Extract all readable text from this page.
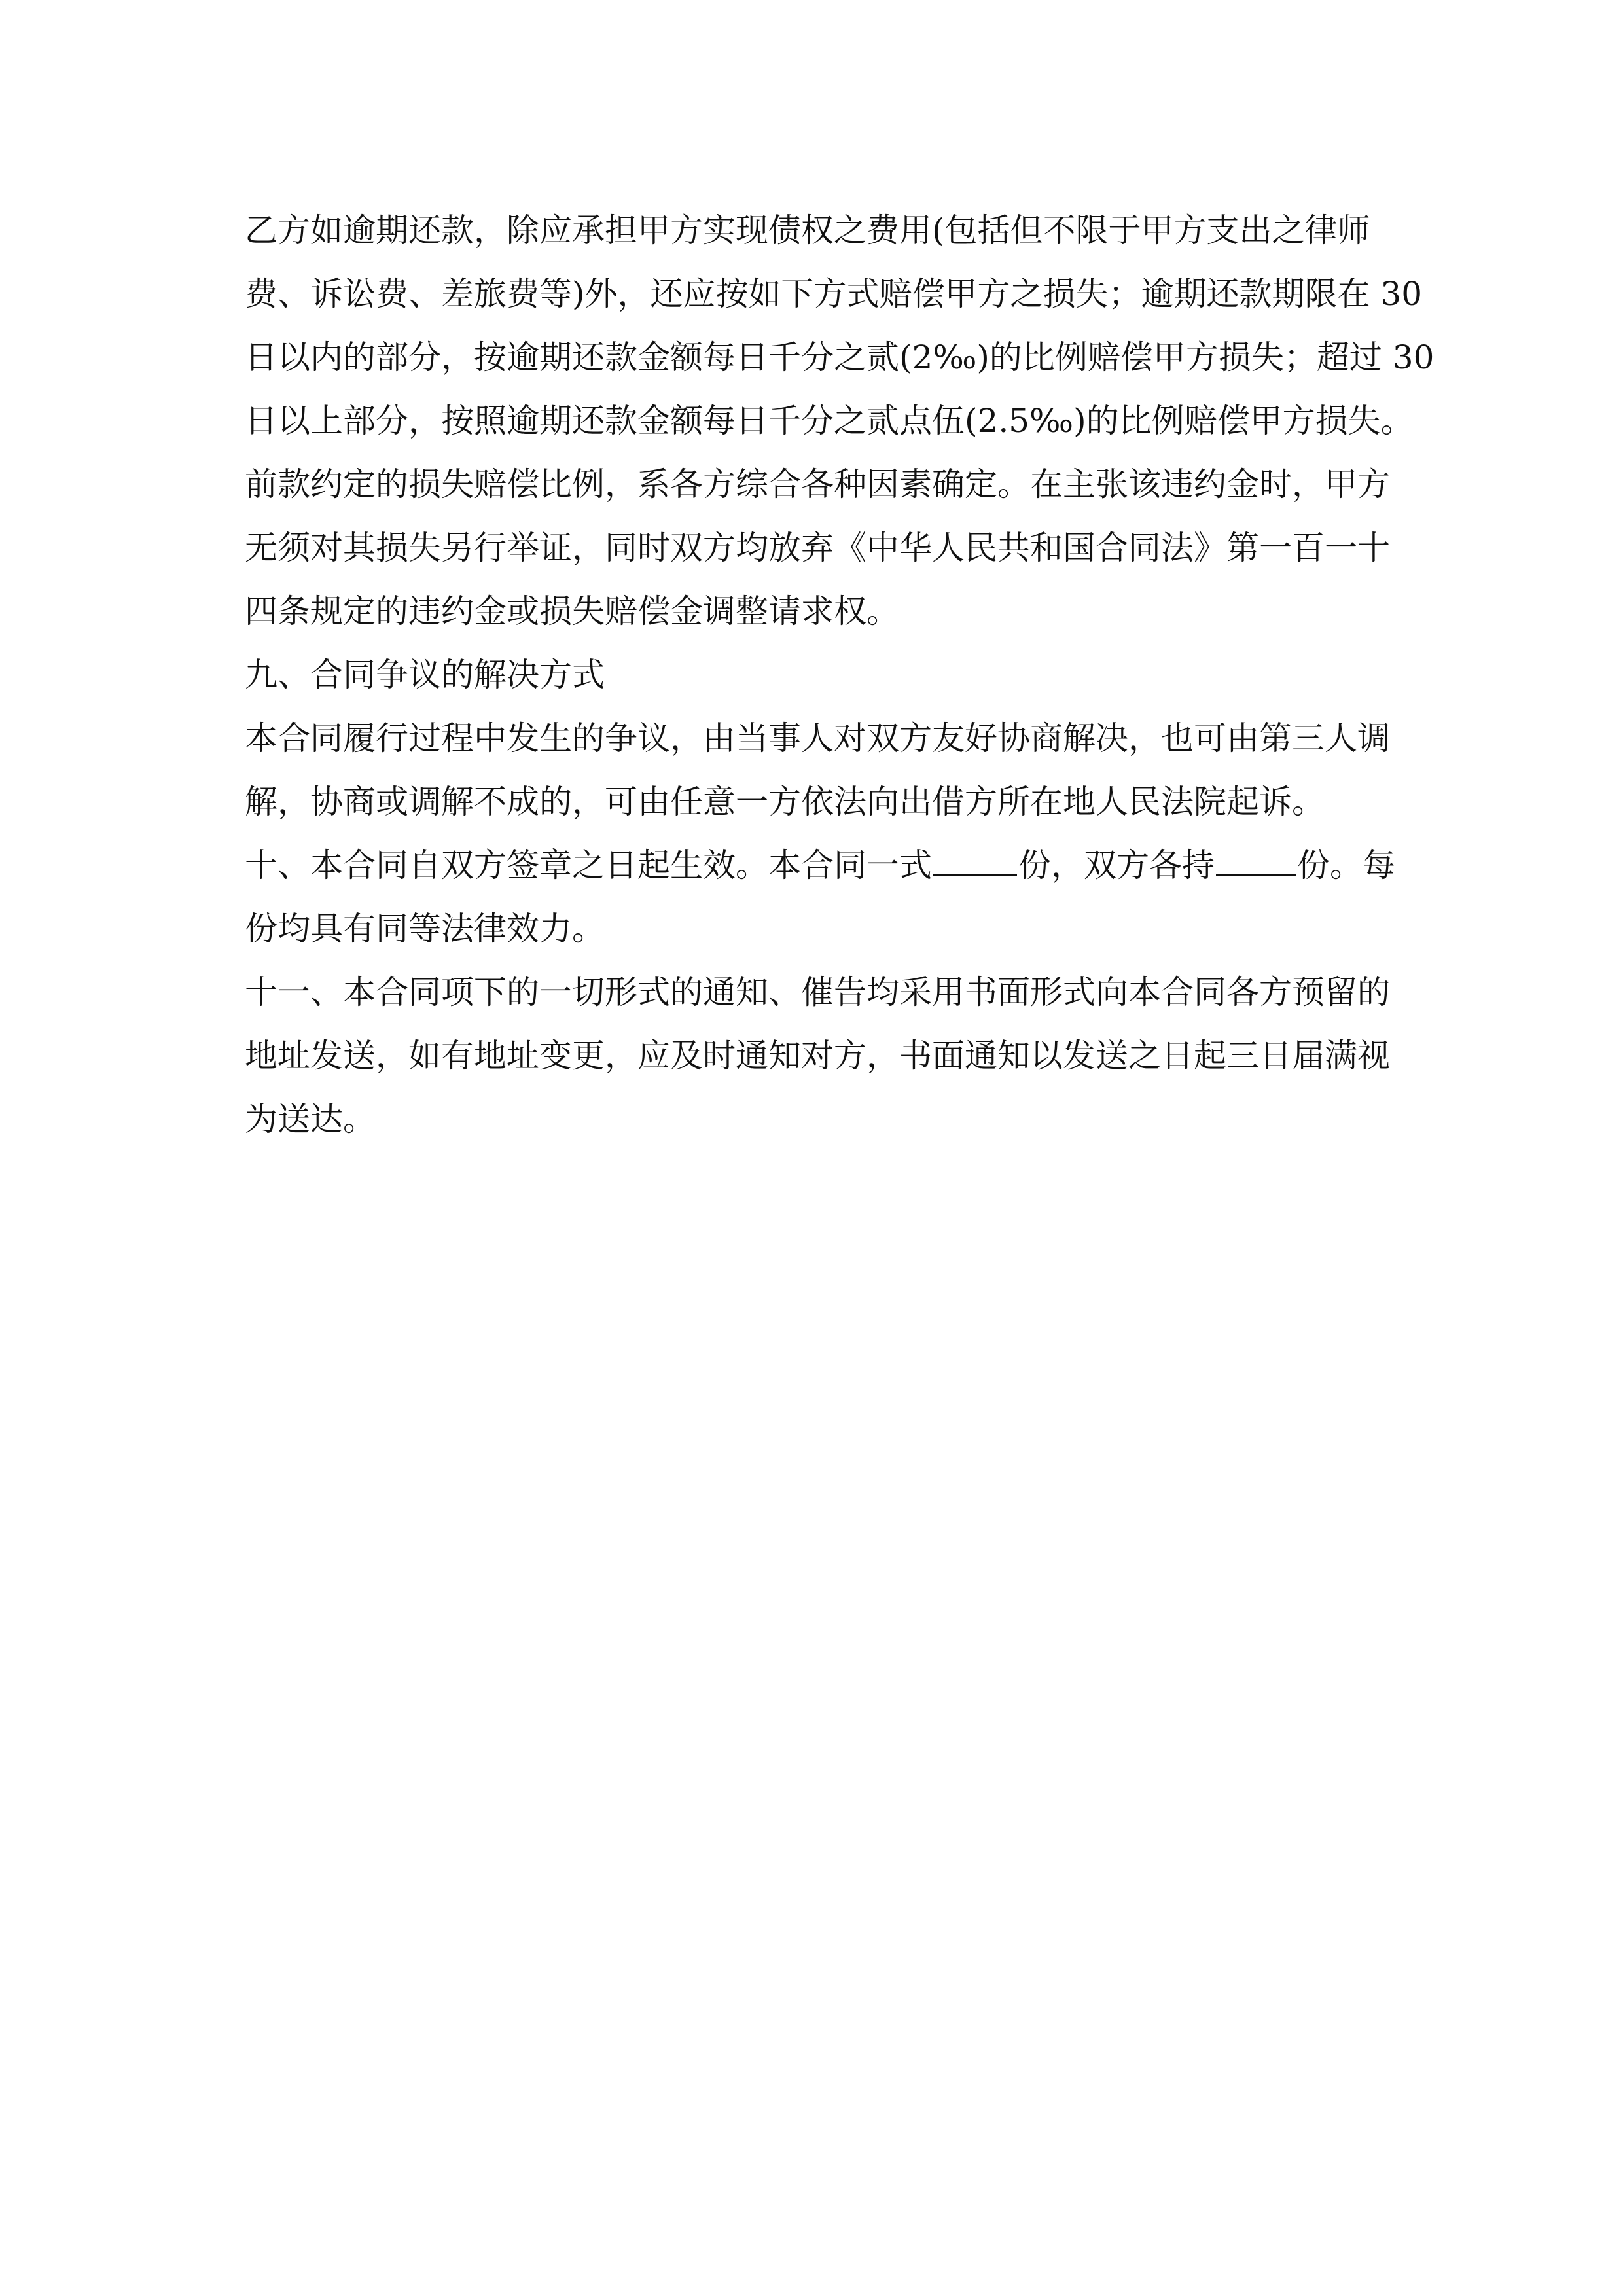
乙方如逾期还款，除应承担甲方实现债权之费用(包括但不限于甲方支出之律师
费、诉讼费、差旅费等)外，还应按如下方式赔偿甲方之损失；逾期还款期限在 30
日以内的部分，按逾期还款金额每日千分之贰(2‰)的比例赔偿甲方损失；超过 30
日以上部分，按照逾期还款金额每日千分之贰点伍(2.5‰)的比例赔偿甲方损失。
前款约定的损失赔偿比例，系各方综合各种因素确定。在主张该违约金时，甲方
无须对其损失另行举证，同时双方均放弃《中华人民共和国合同法》第一百一十
四条规定的违约金或损失赔偿金调整请求权。
九、合同争议的解决方式
本合同履行过程中发生的争议，由当事人对双方友好协商解决，也可由第三人调
解，协商或调解不成的，可由任意一方依法向出借方所在地人民法院起诉。
十、本合同自双方签章之日起生效。本合同一式	份，双方各持	份。每
份均具有同等法律效力。
十一、本合同项下的一切形式的通知、催告均采用书面形式向本合同各方预留的
地址发送，如有地址变更，应及时通知对方，书面通知以发送之日起三日届满视
为送达。
